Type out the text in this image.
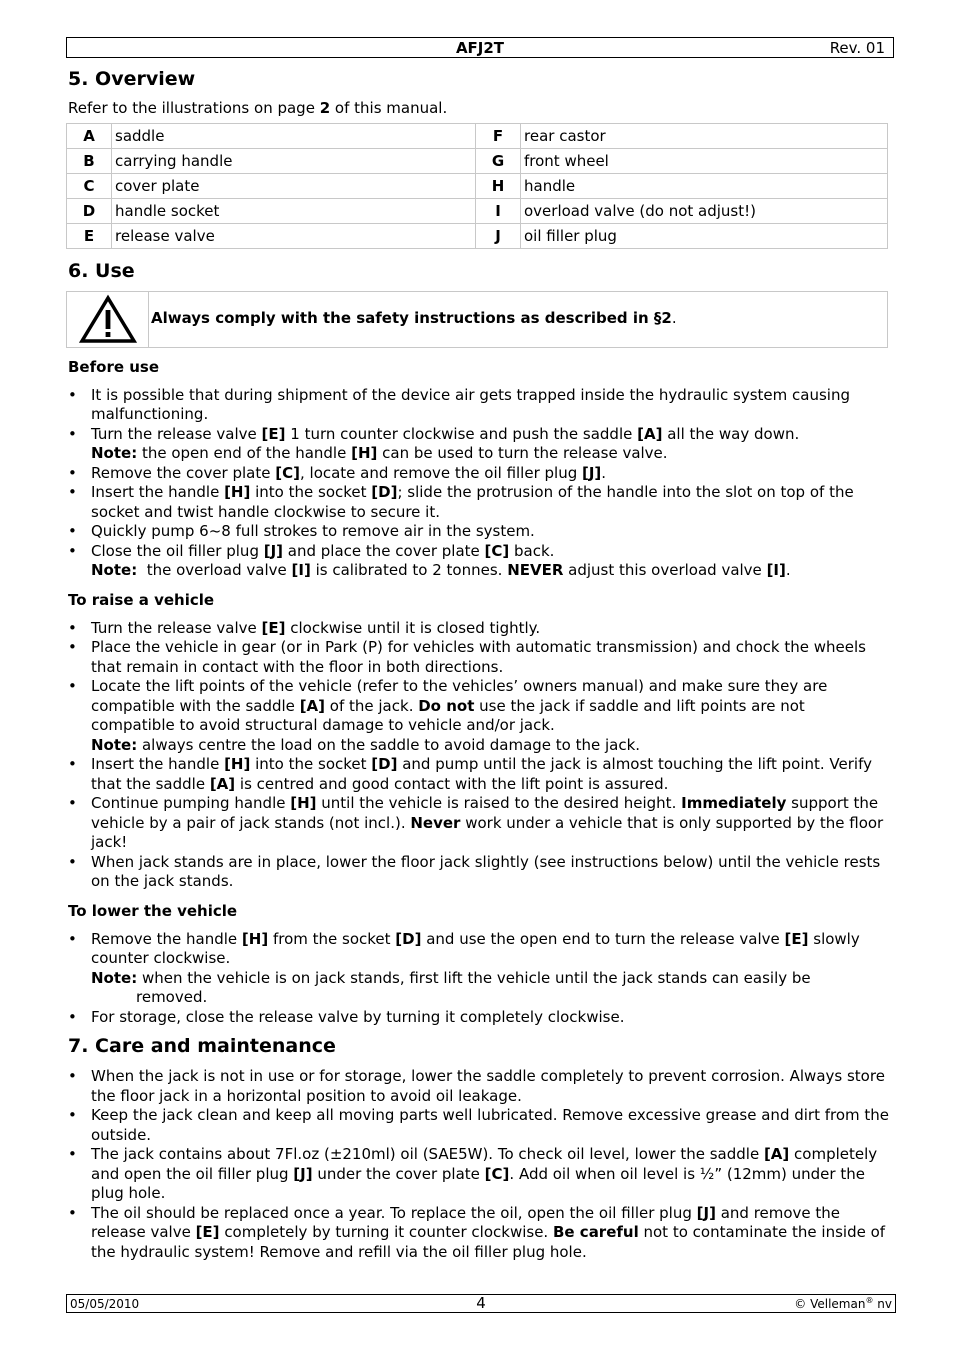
AFJ2T	Rev. 01
5. Overview

Refer to the illustrations on page 2 of this manual.

A	saddle	F	rear castor
B	carrying handle	G	front wheel
C	cover plate	H	handle
D	handle socket	I	overload valve (do not adjust!)
E	release valve	J	oil filler plug
6. Use
Always comply with the safety instructions as described in §2.
Before use
• It is possible that during shipment of the device air gets trapped inside the hydraulic system causing malfunctioning.
• Turn the release valve [E] 1 turn counter clockwise and push the saddle [A] all the way down.
Note: the open end of the handle [H] can be used to turn the release valve.
• Remove the cover plate [C], locate and remove the oil filler plug [J].
• Insert the handle [H] into the socket [D]; slide the protrusion of the handle into the slot on top of the socket and twist handle clockwise to secure it.
• Quickly pump 6~8 full strokes to remove air in the system.
• Close the oil filler plug [J] and place the cover plate [C] back.
Note:  the overload valve [I] is calibrated to 2 tonnes. NEVER adjust this overload valve [I].
To raise a vehicle
• Turn the release valve [E] clockwise until it is closed tightly.
• Place the vehicle in gear (or in Park (P) for vehicles with automatic transmission) and chock the wheels that remain in contact with the floor in both directions.
• Locate the lift points of the vehicle (refer to the vehicles’ owners manual) and make sure they are compatible with the saddle [A] of the jack. Do not use the jack if saddle and lift points are not compatible to avoid structural damage to vehicle and/or jack.
Note: always centre the load on the saddle to avoid damage to the jack.
• Insert the handle [H] into the socket [D] and pump until the jack is almost touching the lift point. Verify that the saddle [A] is centred and good contact with the lift point is assured.
• Continue pumping handle [H] until the vehicle is raised to the desired height. Immediately support the vehicle by a pair of jack stands (not incl.). Never work under a vehicle that is only supported by the floor jack!
• When jack stands are in place, lower the floor jack slightly (see instructions below) until the vehicle rests on the jack stands.
To lower the vehicle
• Remove the handle [H] from the socket [D] and use the open end to turn the release valve [E] slowly counter clockwise.
Note: when the vehicle is on jack stands, first lift the vehicle until the jack stands can easily be
removed.
• For storage, close the release valve by turning it completely clockwise.
7. Care and maintenance
• When the jack is not in use or for storage, lower the saddle completely to prevent corrosion. Always store the floor jack in a horizontal position to avoid oil leakage.
• Keep the jack clean and keep all moving parts well lubricated. Remove excessive grease and dirt from the outside.
• The jack contains about 7Fl.oz (±210ml) oil (SAE5W). To check oil level, lower the saddle [A] completely and open the oil filler plug [J] under the cover plate [C]. Add oil when oil level is ½” (12mm) under the plug hole.
• The oil should be replaced once a year. To replace the oil, open the oil filler plug [J] and remove the release valve [E] completely by turning it counter clockwise. Be careful not to contaminate the inside of the hydraulic system! Remove and refill via the oil filler plug hole.
05/05/2010	4	© Velleman® nv
